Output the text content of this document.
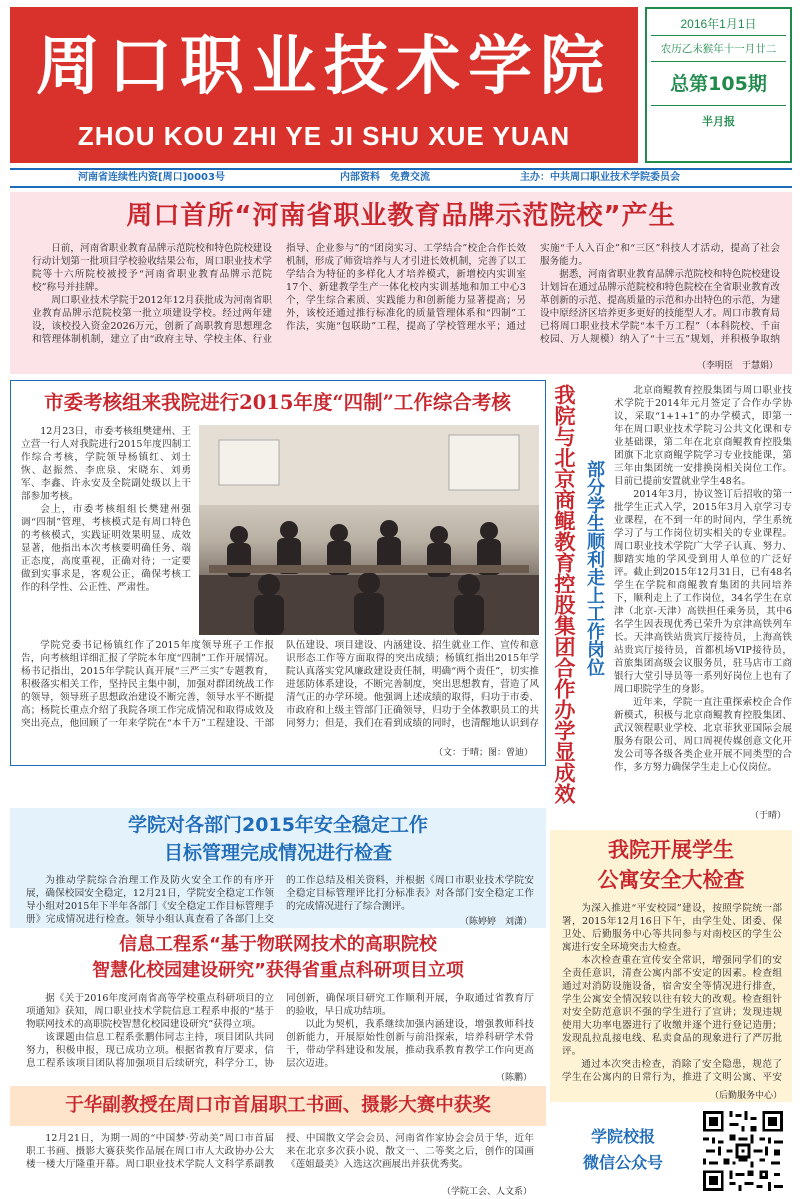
周口职业技术学院
ZHOU KOU ZHI YE JI SHU XUE YUAN
2016年1月1日
农历乙未猴年十一月廿二
总第105期
半月报
河南省连续性内资[周口]0003号	内部资料　免费交流	主办：中共周口职业技术学院委员会
周口首所“河南省职业教育品牌示范院校”产生

日前，河南省职业教育品牌示范院校和特色院校建设行动计划第一批项目学校验收结果公布，周口职业技术学院等十六所院校被授予“河南省职业教育品牌示范院校”称号并挂牌。

周口职业技术学院于2012年12月获批成为河南省职业教育品牌示范院校第一批立项建设学校。经过两年建设，该校投入资金2026万元，创新了高职教育思想理念和管理体制机制，建立了由“政府主导、学校主体、行业指导、企业参与”的“团岗实习、工学结合”校企合作长效机制，形成了师资培养与人才引进长效机制，完善了以工学结合为特征的多样化人才培养模式，新增校内实训室17个、新建教学生产一体化校内实训基地和加工中心3个，学生综合素质、实践能力和创新能力显著提高；另外，该校还通过推行标准化的质量管理体系和“四制”工作法，实施“包联助”工程，提高了学校管理水平；通过实施“千人入百企”和“三区”科技人才活动，提高了社会服务能力。

据悉，河南省职业教育品牌示范院校和特色院校建设计划旨在通过品牌示范院校和特色院校在全省职业教育改革创新的示范、提高质量的示范和办出特色的示范，为建设中原经济区培养更多更好的技能型人才。周口市教育局已将周口职业技术学院“本千万工程”（本科院校、千亩校园、万人规模）纳入了“十三五”规划，并积极争取纳

（李明臣　于慧娟）
市委考核组来我院进行2015年度“四制”工作综合考核

12月23日，市委考核组樊建州、王立营一行人对我院进行2015年度四制工作综合考核，学院领导杨镇红、刘士恢、赵振然、李庶泉、宋晓东、刘勇军、李鑫、许永安及全院副处级以上干部参加考核。

会上，市委考核组组长樊建州强调“四制”管理、考核模式是有周口特色的考核模式，实践证明效果明显、成效显著，他指出本次考核要明确任务、端正态度，高度重视，正确对待；一定要做到实事求是，客观公正，确保考核工作的科学性、公正性、严肃性。

学院党委书记杨镇红作了2015年度领导班子工作报告，向考核组详细汇报了学院本年度“四制”工作开展情况。杨书记指出，2015年学院认真开展“三严三实”专题教育，积极落实相关工作，坚持民主集中制，加强对群团统战工作的领导，领导班子思想政治建设不断完善，领导水平不断提高；杨院长重点介绍了我院各项工作完成情况和取得成效及突出亮点，他回顾了一年来学院在“本千万”工程建设、干部队伍建设、项目建设、内涵建设、招生就业工作、宣传和意识形态工作等方面取得的突出成绩；杨镇红指出2015年学院认真落实党风廉政建设责任制，明确“两个责任”，切实推进惩防体系建设，不断完善制度，突出思想教育，营造了风清气正的办学环境。他强调上述成绩的取得，归功于市委、市政府和上级主管部门正确领导，归功于全体教职员工的共同努力；但是，我们在看到成绩的同时，也清醒地认识到存

（文：于晴；图：曾迪） 我院与北京商鲲教育控股集团合作办学显成效 部分学生顺利走上工作岗位

北京商鲲教育控股集团与周口职业技术学院于2014年元月签定了合作办学协议，采取“1+1+1”的办学模式，即第一年在周口职业技术学院习公共文化课和专业基础课，第二年在北京商鲲教育控股集团旗下北京商鲲学院学习专业技能课，第三年由集团统一安排换岗相关岗位工作。目前已提前安置就业学生48名。

2014年3月，协议签订后招收的第一批学生正式入学，2015年3月入京学习专业课程，在不到一年的时间内，学生系统学习了与工作岗位切实相关的专业课程。周口职业技术学院广大学子认真、努力、脚踏实地的学风受到用人单位的广泛好评。截止到2015年12月31日，已有48名学生在学院和商鲲教育集团的共同培养下，顺利走上了工作岗位，34名学生在京津（北京-天津）高铁担任乘务员，其中6名学生因表现优秀已荣升为京津高铁列车长。天津高铁站贵宾厅接待员，上海高铁站贵宾厅接待员，首都机场VIP接待员，首旅集团高级会议服务员，驻马店市工商银行大堂引导员等一系列好岗位上也有了周口职院学生的身影。

近年来，学院一直注重探索校企合作新模式，积极与北京商鲲教育控股集团、武汉领程职业学校、北京菲狄亚国际会展服务有限公司、周口周视传媒创意文化开发公司等各级各类企业开展不同类型的合作，多方努力确保学生走上心仪岗位。

（于晴）
学院对各部门2015年安全稳定工作
目标管理完成情况进行检查

为推动学院综合治理工作及防火安全工作的有序开展，确保校园安全稳定，12月21日，学院安全稳定工作领导小组对2015年下半年各部门《安全稳定工作目标管理手册》完成情况进行检查。领导小组认真查看了各部门上交的工作总结及相关资料，并根据《周口市职业技术学院安全稳定目标管理评比打分标准表》对各部门安全稳定工作的完成情况进行了综合测评。

（陈婷婷　刘潇）
信息工程系“基于物联网技术的高职院校
智慧化校园建设研究”获得省重点科研项目立项

据《关于2016年度河南省高等学校重点科研项目的立项通知》获知，周口职业技术学院信息工程系申报的“基于物联网技术的高职院校智慧化校园建设研究”获得立项。

该课题由信息工程系张鹏伟同志主持，项目团队共同努力，积极申报，现已成功立项。根据省教育厅要求，信息工程系该项目团队将加强项目后续研究，科学分工，协同创新，确保项目研究工作顺利开展，争取通过省教育厅的验收，早日成功结项。

以此为契机，我系继续加强内涵建设，增强教师科技创新能力，开展原始性创新与前沿探索，培养科研学术骨干，带动学科建设和发展，推动我系教育教学工作向更高层次迈进。

（陈鹏）
于华副教授在周口市首届职工书画、摄影大赛中获奖

12月21日，为期一周的“中国梦·劳动美”周口市首届职工书画、摄影大赛获奖作品展在周口市人大政协办公大楼一楼大厅隆重开幕。周口职业技术学院人文科学系副教授、中国散文学会会员、河南省作家协会会员于华，近年来在北京多次获小说、散文一、二等奖之后，创作的国画《莲姐最美》入选这次画展出并获优秀奖。

（学院工会、人文系）
我院开展学生
公寓安全大检查

为深入推进“平安校园”建设，按照学院统一部署，2015年12月16日下午，由学生处、团委、保卫处、后勤服务中心等共同参与对南校区的学生公寓进行安全环境突击大检查。

本次检查重在宣传安全常识，增强同学们的安全责任意识，清查公寓内部不安定的因素。检查组通过对消防设施设备，宿舍安全等情况进行排查，学生公寓安全情况较以往有较大的改观。检查组针对安全防范意识不强的学生进行了宣讲；发现违规使用大功率电器进行了收缴并逐个进行登记造册；发现乱拉乱接电线、私卖食品的现象进行了严厉批评。

通过本次突击检查，消除了安全隐患，规范了学生在公寓内的日常行为，推进了文明公寓、平安

（后勤服务中心）
学院校报
微信公众号
